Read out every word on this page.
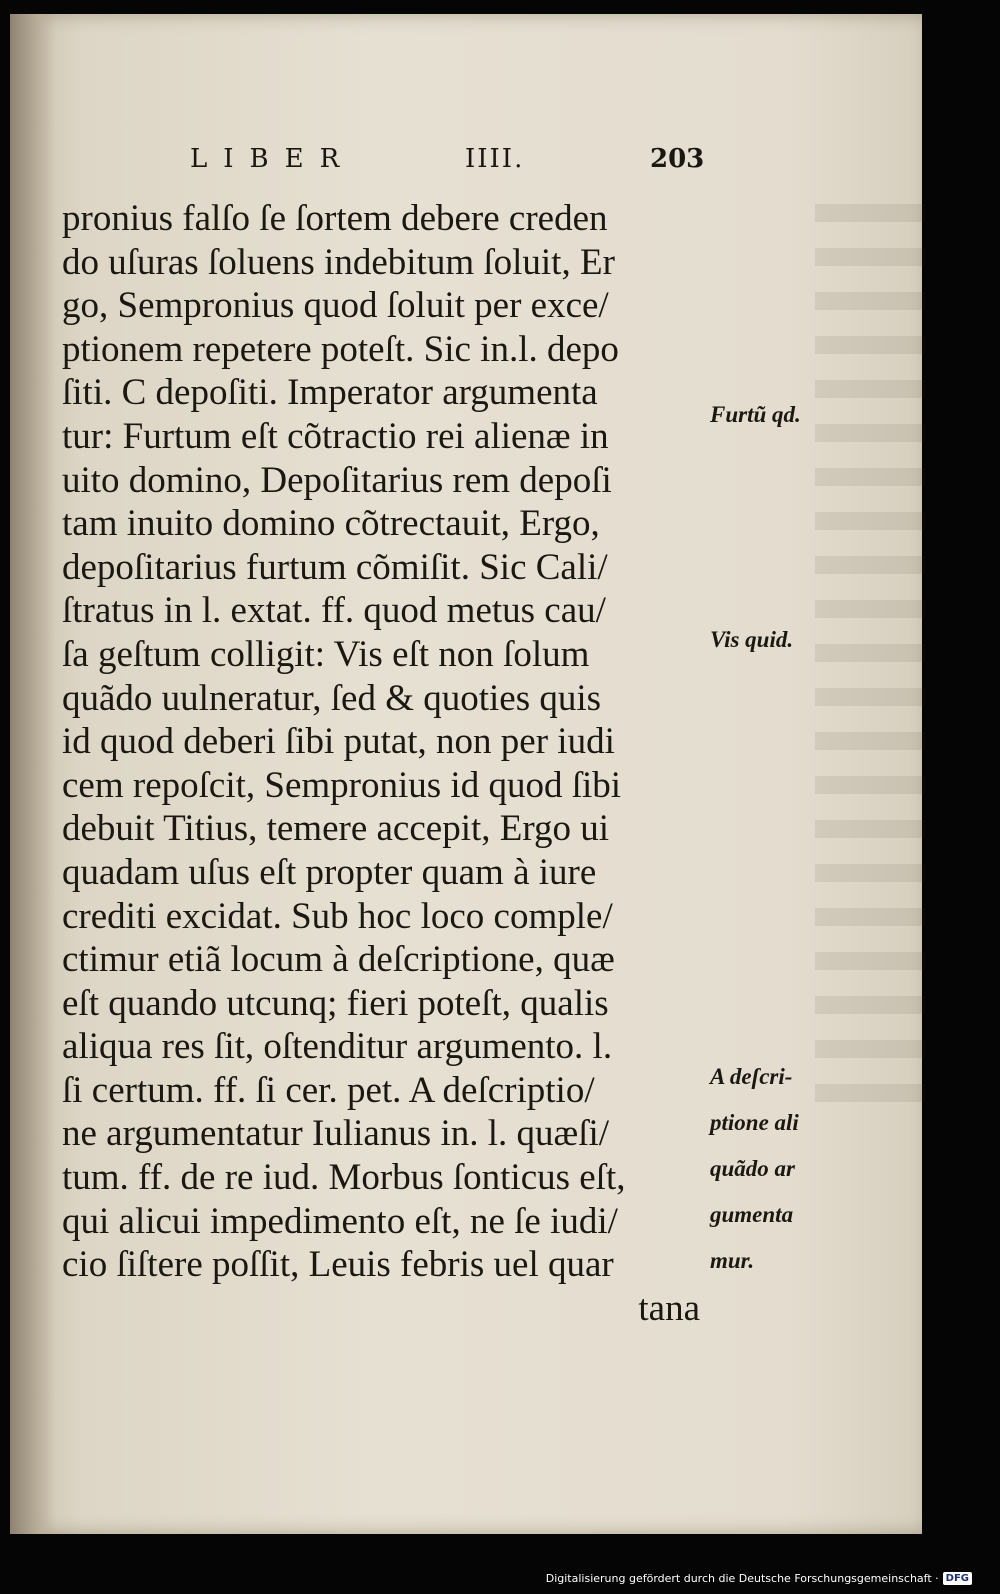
LIBER	IIII.	203
pronius falſo ſe ſortem debere creden
do uſuras ſoluens indebitum ſoluit, Er
go, Sempronius quod ſoluit per exce/
ptionem repetere poteſt. Sic in.l. depo
ſiti. C depoſiti. Imperator argumenta
tur: Furtum eſt cõtractio rei alienæ in
uito domino, Depoſitarius rem depoſi
tam inuito domino cõtrectauit, Ergo,
depoſitarius furtum cõmiſit. Sic Cali/
ſtratus in l. extat. ff. quod metus cau/
ſa geſtum colligit: Vis eſt non ſolum
quãdo uulneratur, ſed & quoties quis
id quod deberi ſibi putat, non per iudi
cem repoſcit, Sempronius id quod ſibi
debuit Titius, temere accepit, Ergo ui
quadam uſus eſt propter quam à iure
crediti excidat. Sub hoc loco comple/
ctimur etiã locum à deſcriptione, quæ
eſt quando utcunq; fieri poteſt, qualis
aliqua res ſit, oſtenditur argumento. l.
ſi certum. ff. ſi cer. pet. A deſcriptio/
ne argumentatur Iulianus in. l. quæſi/
tum. ff. de re iud. Morbus ſonticus eſt,
qui alicui impedimento eſt, ne ſe iudi/
cio ſiſtere poſſit, Leuis febris uel quar
tana
Furtũ qd.
Vis quid.
A deſcri-
ptione ali
quãdo ar
gumenta
mur.
Digitalisierung gefördert durch die Deutsche Forschungsgemeinschaft · DFG
